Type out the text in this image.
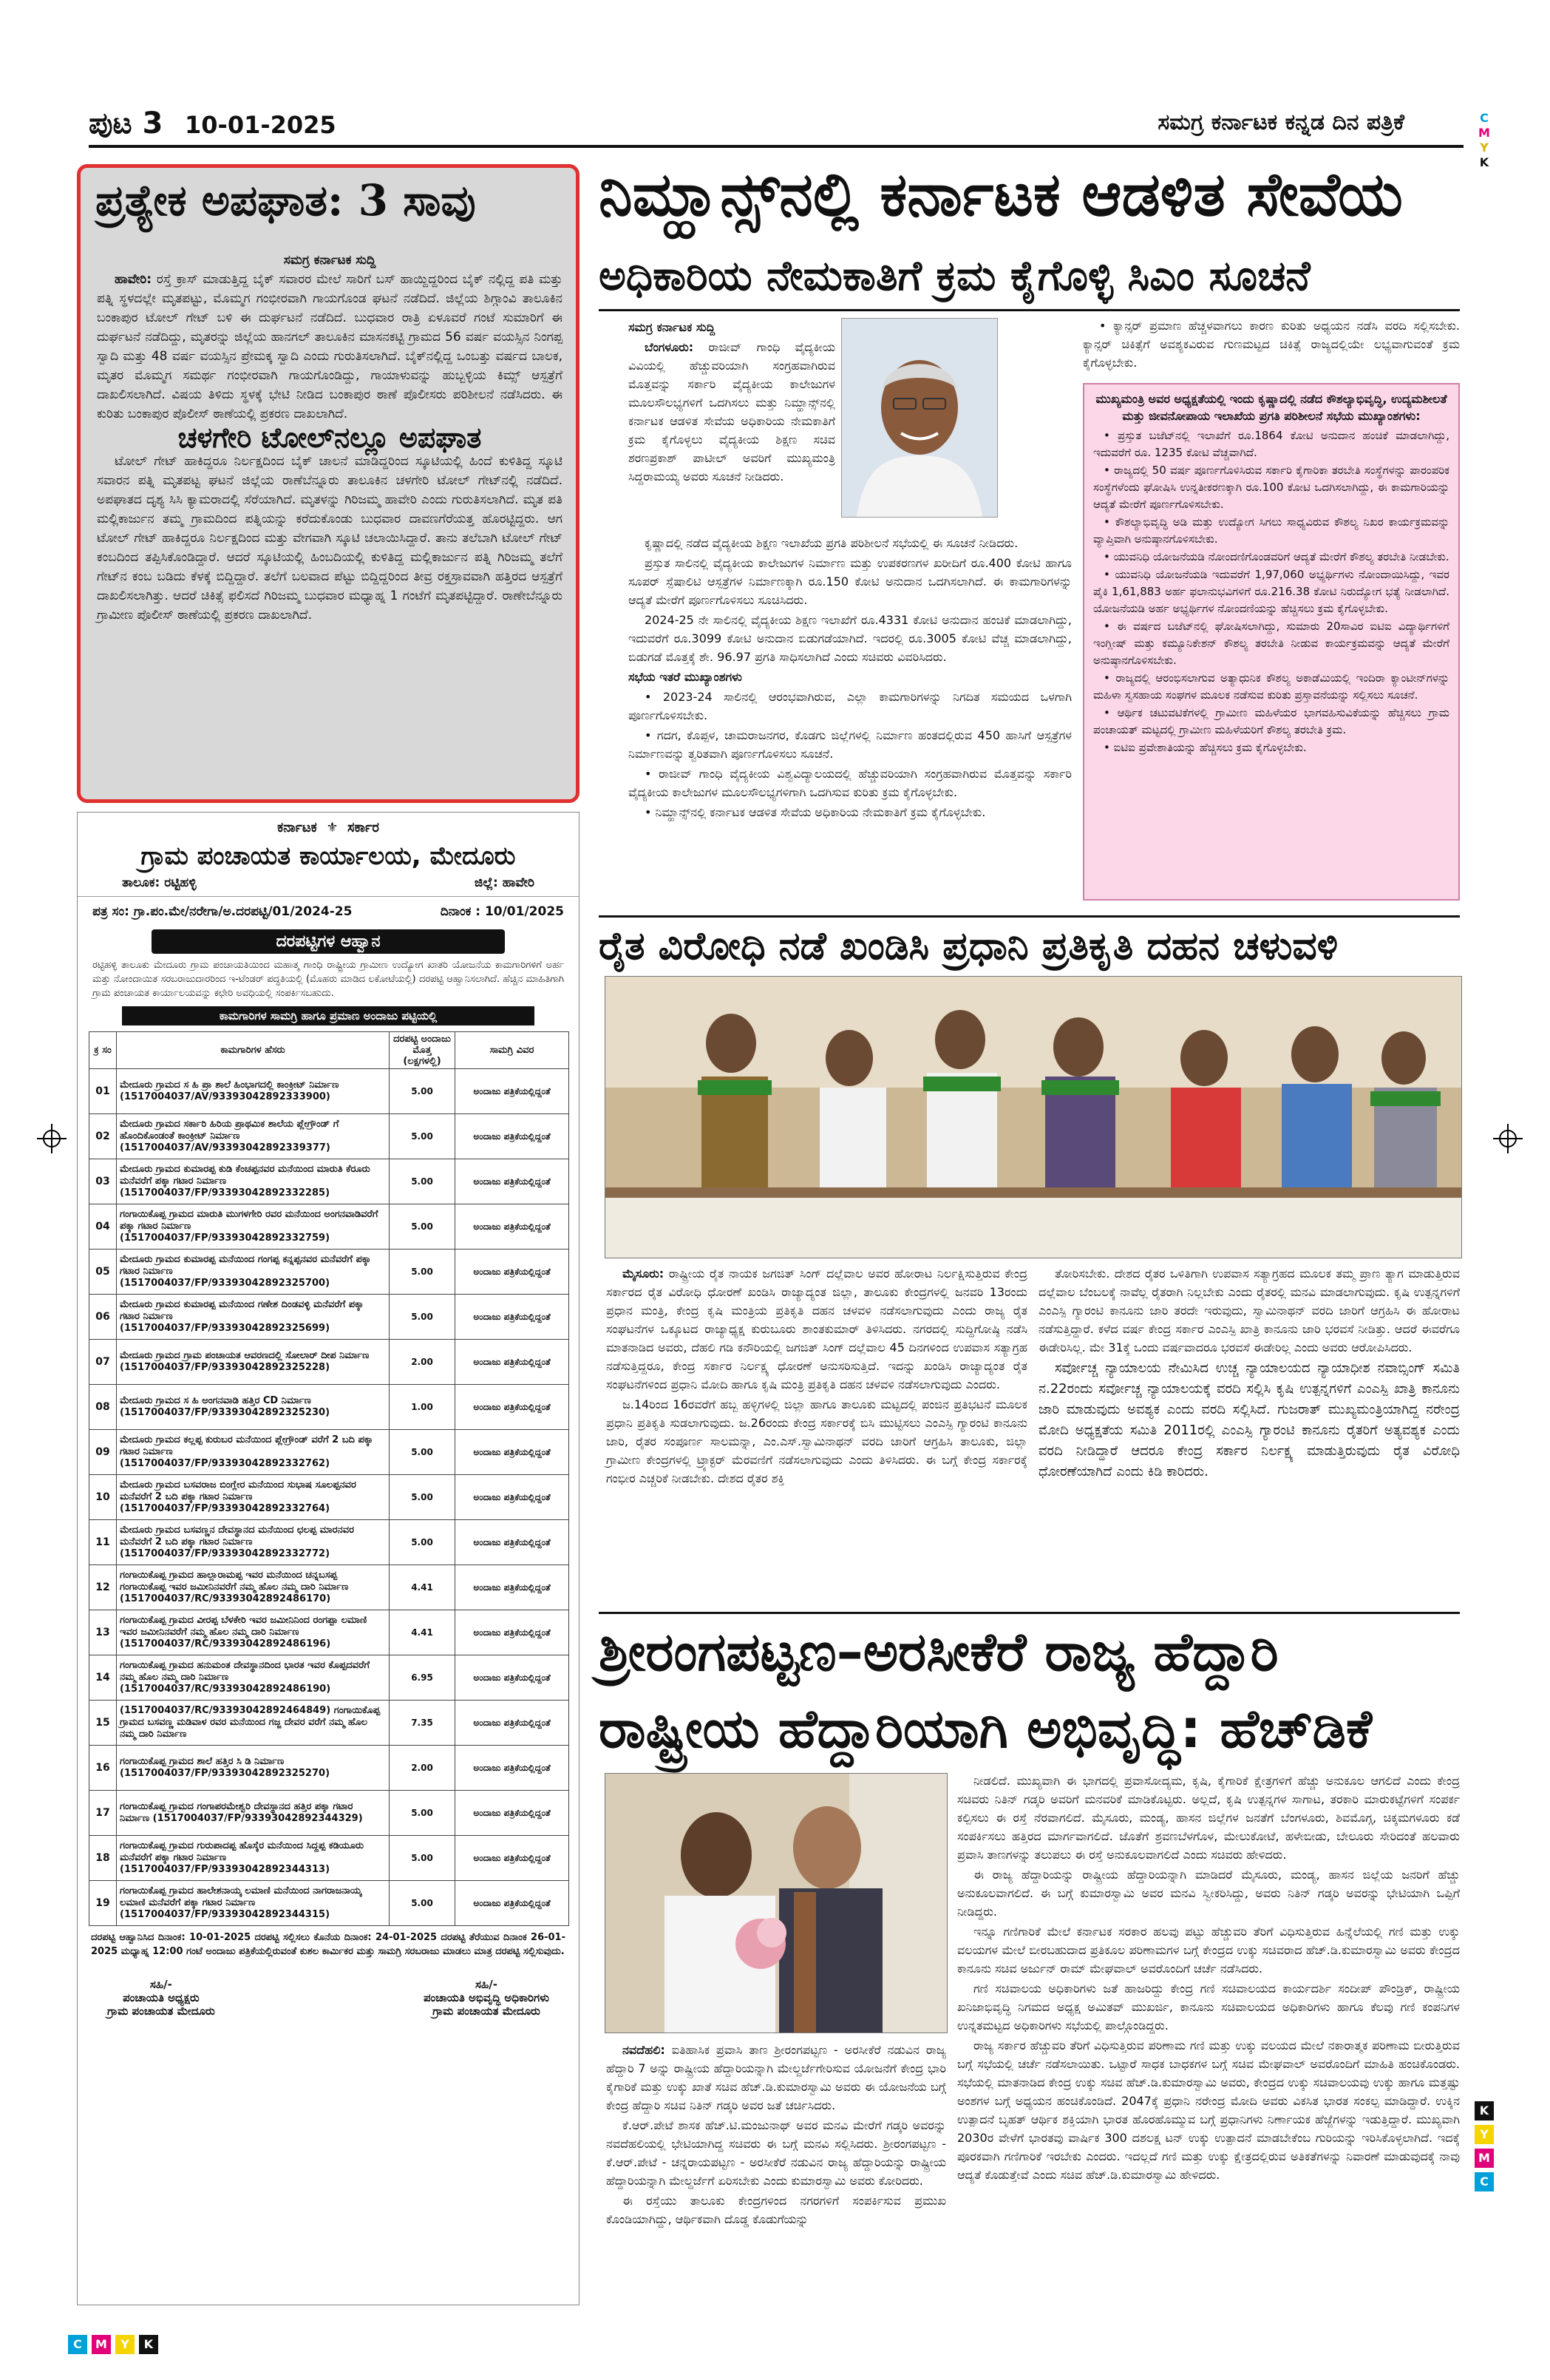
ಪುಟ 3 10-01-2025	ಸಮಗ್ರ ಕರ್ನಾಟಕ ಕನ್ನಡ ದಿನ ಪತ್ರಿಕೆ	C
M
Y
K
C	M	Y	K
K
Y
M
C
ಪ್ರತ್ಯೇಕ ಅಪಘಾತ: 3 ಸಾವು
ಸಮಗ್ರ ಕರ್ನಾಟಕ ಸುದ್ದಿ

ಹಾವೇರಿ: ರಸ್ತೆ ಕ್ರಾಸ್ ಮಾಡುತ್ತಿದ್ದ ಬೈಕ್ ಸವಾರರ ಮೇಲೆ ಸಾರಿಗೆ ಬಸ್ ಹಾಯ್ದಿದ್ದರಿಂದ ಬೈಕ್ ನಲ್ಲಿದ್ದ ಪತಿ ಮತ್ತು ಪತ್ನಿ ಸ್ಥಳದಲ್ಲೇ ಮೃತಪಟ್ಟು, ಮೊಮ್ಮಗ ಗಂಭೀರವಾಗಿ ಗಾಯಗೊಂಡ ಘಟನೆ ನಡೆದಿದೆ. ಜಿಲ್ಲೆಯ ಶಿಗ್ಗಾಂವಿ ತಾಲೂಕಿನ ಬಂಕಾಪುರ ಟೋಲ್ ಗೇಟ್ ಬಳಿ ಈ ದುರ್ಘಟನೆ ನಡೆದಿದೆ. ಬುಧವಾರ ರಾತ್ರಿ ಏಳೂವರೆ ಗಂಟೆ ಸುಮಾರಿಗೆ ಈ ದುರ್ಘಟನೆ ನಡೆದಿದ್ದು, ಮೃತರನ್ನು ಜಿಲ್ಲೆಯ ಹಾನಗಲ್ ತಾಲೂಕಿನ ಮಾಸನಕಟ್ಟಿ ಗ್ರಾಮದ 56 ವರ್ಷ ವಯಸ್ಸಿನ ನಿಂಗಪ್ಪ ಸ್ವಾದಿ ಮತ್ತು 48 ವರ್ಷ ವಯಸ್ಸಿನ ಪ್ರೇಮಕ್ಕ ಸ್ವಾದಿ ಎಂದು ಗುರುತಿಸಲಾಗಿದೆ. ಬೈಕ್‌ನಲ್ಲಿದ್ದ ಒಂಬತ್ತು ವರ್ಷದ ಬಾಲಕ, ಮೃತರ ಮೊಮ್ಮಗ ಸಮರ್ಥ ಗಂಭೀರವಾಗಿ ಗಾಯಗೊಂಡಿದ್ದು, ಗಾಯಾಳುವನ್ನು ಹುಬ್ಬಳ್ಳಿಯ ಕಿಮ್ಸ್ ಆಸ್ಪತ್ರೆಗೆ ದಾಖಲಿಸಲಾಗಿದೆ. ವಿಷಯ ತಿಳಿದು ಸ್ಥಳಕ್ಕೆ ಭೇಟಿ ನೀಡಿದ ಬಂಕಾಪುರ ಠಾಣೆ ಪೊಲೀಸರು ಪರಿಶೀಲನೆ ನಡೆಸಿದರು. ಈ ಕುರಿತು ಬಂಕಾಪುರ ಪೊಲೀಸ್ ಠಾಣೆಯಲ್ಲಿ ಪ್ರಕರಣ ದಾಖಲಾಗಿದೆ.

ಚಳಗೇರಿ ಟೋಲ್‌ನಲ್ಲೂ ಅಪಘಾತ

ಟೋಲ್ ಗೇಟ್ ಹಾಕಿದ್ದರೂ ನಿರ್ಲಕ್ಷದಿಂದ ಬೈಕ್ ಚಾಲನೆ ಮಾಡಿದ್ದರಿಂದ ಸ್ಕೂಟಿಯಲ್ಲಿ ಹಿಂದೆ ಕುಳಿತಿದ್ದ ಸ್ಕೂಟಿ ಸವಾರನ ಪತ್ನಿ ಮೃತಪಟ್ಟ ಘಟನೆ ಜಿಲ್ಲೆಯ ರಾಣೆಬೆನ್ನೂರು ತಾಲೂಕಿನ ಚಳಗೇರಿ ಟೋಲ್ ಗೇಟ್‌ನಲ್ಲಿ ನಡೆದಿದೆ. ಅಪಘಾತದ ದೃಶ್ಯ ಸಿಸಿ ಕ್ಯಾಮರಾದಲ್ಲಿ ಸೆರೆಯಾಗಿದೆ. ಮೃತಳನ್ನು ಗಿರಿಜಮ್ಮ ಹಾವೇರಿ ಎಂದು ಗುರುತಿಸಲಾಗಿದೆ. ಮೃತ ಪತಿ ಮಲ್ಲಿಕಾರ್ಜುನ ತಮ್ಮ ಗ್ರಾಮದಿಂದ ಪತ್ನಿಯನ್ನು ಕರೆದುಕೊಂಡು ಬುಧವಾರ ದಾವಣಗೆರೆಯತ್ತ ಹೊರಟ್ಟಿದ್ದರು. ಆಗ ಟೋಲ್ ಗೇಟ್ ಹಾಕಿದ್ದರೂ ನಿರ್ಲಕ್ಷದಿಂದ ಮತ್ತು ವೇಗವಾಗಿ ಸ್ಕೂಟಿ ಚಲಾಯಿಸಿದ್ದಾರೆ. ತಾನು ತಲೆಬಾಗಿ ಟೋಲ್ ಗೇಟ್ ಕಂಬದಿಂದ ತಪ್ಪಿಸಿಕೊಂಡಿದ್ದಾರೆ. ಆದರೆ ಸ್ಕೂಟಿಯಲ್ಲಿ ಹಿಂಬದಿಯಲ್ಲಿ ಕುಳಿತಿದ್ದ ಮಲ್ಲಿಕಾರ್ಜುನ ಪತ್ನಿ ಗಿರಿಜಮ್ಮ ತಲೆಗೆ ಗೇಟ್‌ನ ಕಂಬ ಬಡಿದು ಕೆಳಕ್ಕೆ ಬಿದ್ದಿದ್ದಾರೆ. ತಲೆಗೆ ಬಲವಾದ ಪೆಟ್ಟು ಬಿದ್ದಿದ್ದರಿಂದ ತೀವ್ರ ರಕ್ತಸ್ರಾವವಾಗಿ ಹತ್ತಿರದ ಆಸ್ಪತ್ರೆಗೆ ದಾಖಲಿಸಲಾಗಿತ್ತು. ಆದರೆ ಚಿಕಿತ್ಸೆ ಫಲಿಸದೆ ಗಿರಿಜಮ್ಮ ಬುಧವಾರ ಮಧ್ಯಾಹ್ನ 1 ಗಂಟೆಗೆ ಮೃತಪಟ್ಟಿದ್ದಾರೆ. ರಾಣೇಬೆನ್ನೂರು ಗ್ರಾಮೀಣ ಪೊಲೀಸ್ ಠಾಣೆಯಲ್ಲಿ ಪ್ರಕರಣ ದಾಖಲಾಗಿದೆ.

ಕರ್ನಾಟಕ ⚜ ಸರ್ಕಾರ
ಗ್ರಾಮ ಪಂಚಾಯತ ಕಾರ್ಯಾಲಯ, ಮೇದೂರು
ತಾಲೂಕ: ರಟ್ಟಿಹಳ್ಳಿ	ಜಿಲ್ಲೆ: ಹಾವೇರಿ
ಪತ್ರ ಸಂ: ಗ್ರಾ.ಪಂ.ಮೇ/ನರೇಗಾ/ಅ.ದರಪಟ್ಟಿ/01/2024-25	ದಿನಾಂಕ : 10/01/2025
ದರಪಟ್ಟಿಗಳ ಆಹ್ವಾನ
ರಟ್ಟಿಹಳ್ಳಿ ತಾಲೂಕು ಮೇದೂರು ಗ್ರಾಮ ಪಂಚಾಯತಿಯಿಂದ ಮಹಾತ್ಮ ಗಾಂಧಿ ರಾಷ್ಟ್ರೀಯ ಗ್ರಾಮೀಣ ಉದ್ಯೋಗ ಖಾತರಿ ಯೋಜನೆಯ ಕಾಮಗಾರಿಗಳಿಗೆ ಅರ್ಹ ಮತ್ತು ನೋಂದಾಯಿತ ಸರಬರಾಜುದಾರರಿಂದ ಇ-ಟೆಂಡರ್ ಪದ್ಧತಿಯಲ್ಲಿ (ಮೊಹರು ಮಾಡಿದ ಲಕೋಟೆಯಲ್ಲಿ) ದರಪಟ್ಟಿ ಆಹ್ವಾನಿಸಲಾಗಿದೆ. ಹೆಚ್ಚಿನ ಮಾಹಿತಿಗಾಗಿ ಗ್ರಾಮ ಪಂಚಾಯತ ಕಾರ್ಯಾಲಯವನ್ನು ಕಛೇರಿ ಅವಧಿಯಲ್ಲಿ ಸಂಪರ್ಕಿಸಬಹುದು.
ಕಾಮಗಾರಿಗಳ ಸಾಮಗ್ರಿ ಹಾಗೂ ಪ್ರಮಾಣ ಅಂದಾಜು ಪಟ್ಟಿಯಲ್ಲಿ
ಕ್ರ ಸಂ	ಕಾಮಗಾರಿಗಳ ಹೆಸರು	ದರಪಟ್ಟಿ ಅಂದಾಜು ಮೊತ್ತ (ಲಕ್ಷಗಳಲ್ಲಿ)	ಸಾಮಗ್ರಿ ವಿವರ
01	ಮೇದೂರು ಗ್ರಾಮದ ಸ ಹಿ ಪ್ರಾ ಶಾಲೆ ಹಿಂಭಾಗದಲ್ಲಿ ಕಾಂಕ್ರೀಟ್ ನಿರ್ಮಾಣ (1517004037/AV/93393042892333900)	5.00	ಅಂದಾಜು ಪತ್ರಿಕೆಯಲ್ಲಿದ್ದಂತೆ
02	ಮೇದೂರು ಗ್ರಾಮದ ಸರ್ಕಾರಿ ಹಿರಿಯ ಪ್ರಾಥಮಿಕ ಶಾಲೆಯ ಪ್ಲೇಗ್ರೌಂಡ್ ಗೆ ಹೊಂದಿಕೊಂಡಂತೆ ಕಾಂಕ್ರೀಟ್ ನಿರ್ಮಾಣ (1517004037/AV/93393042892339377)	5.00	ಅಂದಾಜು ಪತ್ರಿಕೆಯಲ್ಲಿದ್ದಂತೆ
03	ಮೇದೂರು ಗ್ರಾಮದ ಕುಮಾರಪ್ಪ ಕುಡಿ ಕೆಂಚಪ್ಪನವರ ಮನೆಯಿಂದ ಮಾರುತಿ ಕೆರೂರು ಮನೆವರೆಗೆ ಪಕ್ಕಾ ಗಟಾರ ನಿರ್ಮಾಣ (1517004037/FP/93393042892332285)	5.00	ಅಂದಾಜು ಪತ್ರಿಕೆಯಲ್ಲಿದ್ದಂತೆ
04	ಗಂಗಾಯಿಕೊಪ್ಪ ಗ್ರಾಮದ ಮಾರುತಿ ಮುಗಳಗೇರಿ ರವರ ಮನೆಯಿಂದ ಅಂಗನವಾಡಿವರೆಗೆ ಪಕ್ಕಾ ಗಟಾರ ನಿರ್ಮಾಣ (1517004037/FP/93393042892332759)	5.00	ಅಂದಾಜು ಪತ್ರಿಕೆಯಲ್ಲಿದ್ದಂತೆ
05	ಮೇದೂರು ಗ್ರಾಮದ ಕುಮಾರಪ್ಪ ಮನೆಯಿಂದ ಗಂಗಪ್ಪ ಕನ್ನಪ್ಪನವರ ಮನೆವರೆಗೆ ಪಕ್ಕಾ ಗಟಾರ ನಿರ್ಮಾಣ (1517004037/FP/93393042892325700)	5.00	ಅಂದಾಜು ಪತ್ರಿಕೆಯಲ್ಲಿದ್ದಂತೆ
06	ಮೇದೂರು ಗ್ರಾಮದ ಕುಮಾರಪ್ಪ ಮನೆಯಿಂದ ಗಣೇಶ ದಿಂಡವಳ್ಳಿ ಮನೆವರೆಗೆ ಪಕ್ಕಾ ಗಟಾರ ನಿರ್ಮಾಣ (1517004037/FP/93393042892325699)	5.00	ಅಂದಾಜು ಪತ್ರಿಕೆಯಲ್ಲಿದ್ದಂತೆ
07	ಮೇದೂರು ಗ್ರಾಮದ ಗ್ರಾಮ ಪಂಚಾಯತ ಆವರಣದಲ್ಲಿ ಸೋಲಾರ್ ದೀಪ ನಿರ್ಮಾಣ (1517004037/FP/93393042892325228)	2.00	ಅಂದಾಜು ಪತ್ರಿಕೆಯಲ್ಲಿದ್ದಂತೆ
08	ಮೇದೂರು ಗ್ರಾಮದ ಸ ಹಿ ಅಂಗನವಾಡಿ ಹತ್ತಿರ CD ನಿರ್ಮಾಣ (1517004037/FP/93393042892325230)	1.00	ಅಂದಾಜು ಪತ್ರಿಕೆಯಲ್ಲಿದ್ದಂತೆ
09	ಮೇದೂರು ಗ್ರಾಮದ ಕಲ್ಲಪ್ಪ ಕುರುಬರ ಮನೆಯಿಂದ ಪ್ಲೇಗ್ರೌಂಡ್ ವರೆಗೆ 2 ಬದಿ ಪಕ್ಕಾ ಗಟಾರ ನಿರ್ಮಾಣ (1517004037/FP/93393042892332762)	5.00	ಅಂದಾಜು ಪತ್ರಿಕೆಯಲ್ಲಿದ್ದಂತೆ
10	ಮೇದೂರು ಗ್ರಾಮದ ಬಸವರಾಜ ಬಿಂಗ್ಲೇರ ಮನೆಯಿಂದ ಸುಭಾಷ ಸೂಲಪ್ಪನವರ ಮನೆವರೆಗೆ 2 ಬದಿ ಪಕ್ಕಾ ಗಟಾರ ನಿರ್ಮಾಣ (1517004037/FP/93393042892332764)	5.00	ಅಂದಾಜು ಪತ್ರಿಕೆಯಲ್ಲಿದ್ದಂತೆ
11	ಮೇದೂರು ಗ್ರಾಮದ ಬಸವಣ್ಣನ ದೇವಸ್ಥಾನದ ಮನೆಯಿಂದ ಛಲಪ್ಪ ಮಾರನವರ ಮನೆವರೆಗೆ 2 ಬದಿ ಪಕ್ಕಾ ಗಟಾರ ನಿರ್ಮಾಣ (1517004037/FP/93393042892332772)	5.00	ಅಂದಾಜು ಪತ್ರಿಕೆಯಲ್ಲಿದ್ದಂತೆ
12	ಗಂಗಾಯಿಕೊಪ್ಪ ಗ್ರಾಮದ ಹಾಲ್ಲಾರಾಮಪ್ಪ ಇವರ ಮನೆಯಿಂದ ಚನ್ನಬಸಪ್ಪ ಗಂಗಾಯಿಕೊಪ್ಪ ಇವರ ಜಮೀನಿನವರೆಗೆ ನಮ್ಮ ಹೊಲ ನಮ್ಮ ದಾರಿ ನಿರ್ಮಾಣ (1517004037/RC/93393042892486170)	4.41	ಅಂದಾಜು ಪತ್ರಿಕೆಯಲ್ಲಿದ್ದಂತೆ
13	ಗಂಗಾಯಿಕೊಪ್ಪ ಗ್ರಾಮದ ವೀರಪ್ಪ ಬೆಳಕೇರಿ ಇವರ ಜಮೀನಿನಿಂದ ರಂಗಪ್ಪಾ ಲಮಾಣಿ ಇವರ ಜಮೀನಿನವರೆಗೆ ನಮ್ಮ ಹೊಲ ನಮ್ಮ ದಾರಿ ನಿರ್ಮಾಣ (1517004037/RC/93393042892486196)	4.41	ಅಂದಾಜು ಪತ್ರಿಕೆಯಲ್ಲಿದ್ದಂತೆ
14	ಗಂಗಾಯಿಕೊಪ್ಪ ಗ್ರಾಮದ ಹನುಮಂತ ದೇವಸ್ಥಾನದಿಂದ ಭಾರತ ಇವರ ಕೊಪ್ಪದವರೆಗೆ ನಮ್ಮ ಹೊಲ ನಮ್ಮ ದಾರಿ ನಿರ್ಮಾಣ (1517004037/RC/93393042892486190)	6.95	ಅಂದಾಜು ಪತ್ರಿಕೆಯಲ್ಲಿದ್ದಂತೆ
15	(1517004037/RC/93393042892464849) ಗಂಗಾಯಿಕೊಪ್ಪ ಗ್ರಾಮದ ಬಸವಣ್ಣ ಮಡಿವಾಳ ರವರ ಮನೆಯಿಂದ ಗಜ್ಜ ದೇವರ ವರೆಗೆ ನಮ್ಮ ಹೊಲ ನಮ್ಮ ದಾರಿ ನಿರ್ಮಾಣ	7.35	ಅಂದಾಜು ಪತ್ರಿಕೆಯಲ್ಲಿದ್ದಂತೆ
16	ಗಂಗಾಯಿಕೊಪ್ಪ ಗ್ರಾಮದ ಶಾಲೆ ಹತ್ತಿರ ಸಿ ಡಿ ನಿರ್ಮಾಣ (1517004037/FP/93393042892325270)	2.00	ಅಂದಾಜು ಪತ್ರಿಕೆಯಲ್ಲಿದ್ದಂತೆ
17	ಗಂಗಾಯಿಕೊಪ್ಪ ಗ್ರಾಮದ ಗಂಗಾಪರಮೇಶ್ವರಿ ದೇವಸ್ಥಾನದ ಹತ್ತಿರ ಪಕ್ಕಾ ಗಟಾರ ನಿರ್ಮಾಣ (1517004037/FP/93393042892344329)	5.00	ಅಂದಾಜು ಪತ್ರಿಕೆಯಲ್ಲಿದ್ದಂತೆ
18	ಗಂಗಾಯಿಕೊಪ್ಪ ಗ್ರಾಮದ ಗುರುಪಾದಪ್ಪ ಹೊಸ್ಕೆರ ಮನೆಯಿಂದ ಸಿದ್ದಪ್ಪ ಕಡಿಯೂರು ಮನೆವರೆಗೆ ಪಕ್ಕಾ ಗಟಾರ ನಿರ್ಮಾಣ (1517004037/FP/93393042892344313)	5.00	ಅಂದಾಜು ಪತ್ರಿಕೆಯಲ್ಲಿದ್ದಂತೆ
19	ಗಂಗಾಯಿಕೊಪ್ಪ ಗ್ರಾಮದ ಹಾಲೇಶನಾಯ್ಕ ಲಮಾಣಿ ಮನೆಯಿಂದ ನಾಗರಾಜನಾಯ್ಕ ಲಮಾಣಿ ಮನೆವರೆಗೆ ಪಕ್ಕಾ ಗಟಾರ ನಿರ್ಮಾಣ (1517004037/FP/93393042892344315)	5.00	ಅಂದಾಜು ಪತ್ರಿಕೆಯಲ್ಲಿದ್ದಂತೆ
ದರಪಟ್ಟಿ ಆಹ್ವಾನಿಸಿದ ದಿನಾಂಕ: 10-01-2025 ದರಪಟ್ಟಿ ಸಲ್ಲಿಸಲು ಕೊನೆಯ ದಿನಾಂಕ: 24-01-2025 ದರಪಟ್ಟಿ ತೆರೆಯುವ ದಿನಾಂಕ 26-01-2025 ಮಧ್ಯಾಹ್ನ 12:00 ಗಂಟೆ ಅಂದಾಜು ಪತ್ರಿಕೆಯಲ್ಲಿರುವಂತೆ ಕುಶಲ ಕಾರ್ಮಿಕರ ಮತ್ತು ಸಾಮಗ್ರಿ ಸರಬರಾಜು ಮಾಡಲು ಮಾತ್ರ ದರಪಟ್ಟಿ ಸಲ್ಲಿಸುವುದು.
ಸಹಿ/-
ಪಂಚಾಯತಿ ಅಧ್ಯಕ್ಷರು
ಗ್ರಾಮ ಪಂಚಾಯತ ಮೇದೂರು
ಸಹಿ/-
ಪಂಚಾಯತಿ ಅಭಿವೃದ್ಧಿ ಅಧಿಕಾರಿಗಳು
ಗ್ರಾಮ ಪಂಚಾಯತ ಮೇದೂರು
ನಿಮ್ಹಾನ್ಸ್‌ನಲ್ಲಿ ಕರ್ನಾಟಕ ಆಡಳಿತ ಸೇವೆಯ
ಅಧಿಕಾರಿಯ ನೇಮಕಾತಿಗೆ ಕ್ರಮ ಕೈಗೊಳ್ಳಿ ಸಿಎಂ ಸೂಚನೆ
ಸಮಗ್ರ ಕರ್ನಾಟಕ ಸುದ್ದಿ

ಬೆಂಗಳೂರು: ರಾಜೀವ್ ಗಾಂಧಿ ವೈದ್ಯಕೀಯ ವಿವಿಯಲ್ಲಿ ಹೆಚ್ಚುವರಿಯಾಗಿ ಸಂಗ್ರಹವಾಗಿರುವ ಮೊತ್ತವನ್ನು ಸರ್ಕಾರಿ ವೈದ್ಯಕೀಯ ಕಾಲೇಜುಗಳ ಮೂಲಸೌಲಭ್ಯಗಳಿಗೆ ಒದಗಿಸಲು ಮತ್ತು ನಿಮ್ಹಾನ್ಸ್‌ನಲ್ಲಿ ಕರ್ನಾಟಕ ಆಡಳಿತ ಸೇವೆಯ ಅಧಿಕಾರಿಯ ನೇಮಕಾತಿಗೆ ಕ್ರಮ ಕೈಗೊಳ್ಳಲು ವೈದ್ಯಕೀಯ ಶಿಕ್ಷಣ ಸಚಿವ ಶರಣಪ್ರಕಾಶ್ ಪಾಟೀಲ್ ಅವರಿಗೆ ಮುಖ್ಯಮಂತ್ರಿ ಸಿದ್ದರಾಮಯ್ಯ ಅವರು ಸೂಚನೆ ನೀಡಿದರು.

ಕೃಷ್ಣಾದಲ್ಲಿ ನಡೆದ ವೈದ್ಯಕೀಯ ಶಿಕ್ಷಣ ಇಲಾಖೆಯ ಪ್ರಗತಿ ಪರಿಶೀಲನೆ ಸಭೆಯಲ್ಲಿ ಈ ಸೂಚನೆ ನೀಡಿದರು.

ಪ್ರಸ್ತುತ ಸಾಲಿನಲ್ಲಿ ವೈದ್ಯಕೀಯ ಕಾಲೇಜುಗಳ ನಿರ್ಮಾಣ ಮತ್ತು ಉಪಕರಣಗಳ ಖರೀದಿಗೆ ರೂ.400 ಕೋಟಿ ಹಾಗೂ ಸೂಪರ್ ಸ್ಪೆಷಾಲಿಟಿ ಆಸ್ಪತ್ರೆಗಳ ನಿರ್ಮಾಣಕ್ಕಾಗಿ ರೂ.150 ಕೋಟಿ ಅನುದಾನ ಒದಗಿಸಲಾಗಿದೆ. ಈ ಕಾಮಗಾರಿಗಳನ್ನು ಆದ್ಯತೆ ಮೇರೆಗೆ ಪೂರ್ಣಗೊಳಿಸಲು ಸೂಚಿಸಿದರು.

2024-25 ನೇ ಸಾಲಿನಲ್ಲಿ ವೈದ್ಯಕೀಯ ಶಿಕ್ಷಣ ಇಲಾಖೆಗೆ ರೂ.4331 ಕೋಟಿ ಅನುದಾನ ಹಂಚಿಕೆ ಮಾಡಲಾಗಿದ್ದು, ಇದುವರೆಗೆ ರೂ.3099 ಕೋಟಿ ಅನುದಾನ ಬಿಡುಗಡೆಯಾಗಿದೆ. ಇದರಲ್ಲಿ ರೂ.3005 ಕೋಟಿ ವೆಚ್ಚ ಮಾಡಲಾಗಿದ್ದು, ಬಿಡುಗಡೆ ಮೊತ್ತಕ್ಕೆ ಶೇ. 96.97 ಪ್ರಗತಿ ಸಾಧಿಸಲಾಗಿದೆ ಎಂದು ಸಚಿವರು ವಿವರಿಸಿದರು.

ಸಭೆಯ ಇತರೆ ಮುಖ್ಯಾಂಶಗಳು

• 2023-24 ಸಾಲಿನಲ್ಲಿ ಆರಂಭವಾಗಿರುವ, ಎಲ್ಲಾ ಕಾಮಗಾರಿಗಳನ್ನು ನಿಗದಿತ ಸಮಯದ ಒಳಗಾಗಿ ಪೂರ್ಣಗೊಳಿಸಬೇಕು.

• ಗದಗ, ಕೊಪ್ಪಳ, ಚಾಮರಾಜನಗರ, ಕೊಡಗು ಜಿಲ್ಲೆಗಳಲ್ಲಿ ನಿರ್ಮಾಣ ಹಂತದಲ್ಲಿರುವ 450 ಹಾಸಿಗೆ ಆಸ್ಪತ್ರೆಗಳ ನಿರ್ಮಾಣವನ್ನು ತ್ವರಿತವಾಗಿ ಪೂರ್ಣಗೊಳಿಸಲು ಸೂಚನೆ.

• ರಾಜೀವ್ ಗಾಂಧಿ ವೈದ್ಯಕೀಯ ವಿಶ್ವವಿದ್ಯಾಲಯದಲ್ಲಿ ಹೆಚ್ಚುವರಿಯಾಗಿ ಸಂಗ್ರಹವಾಗಿರುವ ಮೊತ್ತವನ್ನು ಸರ್ಕಾರಿ ವೈದ್ಯಕೀಯ ಕಾಲೇಜುಗಳ ಮೂಲಸೌಲಭ್ಯಗಳಿಗಾಗಿ ಒದಗಿಸುವ ಕುರಿತು ಕ್ರಮ ಕೈಗೊಳ್ಳಬೇಕು.

• ನಿಮ್ಹಾನ್ಸ್‌ನಲ್ಲಿ ಕರ್ನಾಟಕ ಆಡಳಿತ ಸೇವೆಯ ಅಧಿಕಾರಿಯ ನೇಮಕಾತಿಗೆ ಕ್ರಮ ಕೈಗೊಳ್ಳಬೇಕು.

• ಕ್ಯಾನ್ಸರ್ ಪ್ರಮಾಣ ಹೆಚ್ಚಳವಾಗಲು ಕಾರಣ ಕುರಿತು ಅಧ್ಯಯನ ನಡೆಸಿ ವರದಿ ಸಲ್ಲಿಸಬೇಕು. ಕ್ಯಾನ್ಸರ್ ಚಿಕಿತ್ಸೆಗೆ ಅವಶ್ಯಕವಿರುವ ಗುಣಮಟ್ಟದ ಚಿಕಿತ್ಸೆ ರಾಜ್ಯದಲ್ಲಿಯೇ ಲಭ್ಯವಾಗುವಂತೆ ಕ್ರಮ ಕೈಗೊಳ್ಳಬೇಕು.

ಮುಖ್ಯಮಂತ್ರಿ ಅವರ ಅಧ್ಯಕ್ಷತೆಯಲ್ಲಿ ಇಂದು ಕೃಷ್ಣಾದಲ್ಲಿ ನಡೆದ ಕೌಶಲ್ಯಾಭಿವೃದ್ಧಿ, ಉದ್ಯಮಶೀಲತೆ ಮತ್ತು ಜೀವನೋಪಾಯ ಇಲಾಖೆಯ ಪ್ರಗತಿ ಪರಿಶೀಲನೆ ಸಭೆಯ ಮುಖ್ಯಾಂಶಗಳು:
• ಪ್ರಸ್ತುತ ಬಜೆಟ್‌ನಲ್ಲಿ ಇಲಾಖೆಗೆ ರೂ.1864 ಕೋಟಿ ಅನುದಾನ ಹಂಚಿಕೆ ಮಾಡಲಾಗಿದ್ದು, ಇದುವರೆಗೆ ರೂ. 1235 ಕೋಟಿ ವೆಚ್ಚವಾಗಿದೆ.
• ರಾಜ್ಯದಲ್ಲಿ 50 ವರ್ಷ ಪೂರ್ಣಗೊಳಿಸಿರುವ ಸರ್ಕಾರಿ ಕೈಗಾರಿಕಾ ತರಬೇತಿ ಸಂಸ್ಥೆಗಳನ್ನು ಪಾರಂಪರಿಕ ಸಂಸ್ಥೆಗಳೆಂದು ಘೋಷಿಸಿ ಉನ್ನತೀಕರಣಕ್ಕಾಗಿ ರೂ.100 ಕೋಟಿ ಒದಗಿಸಲಾಗಿದ್ದು, ಈ ಕಾಮಗಾರಿಯನ್ನು ಆದ್ಯತೆ ಮೇರೆಗೆ ಪೂರ್ಣಗೊಳಿಸಬೇಕು.
• ಕೌಶಲ್ಯಾಭಿವೃದ್ಧಿ ಅಡಿ ಮತ್ತು ಉದ್ಯೋಗ ಸಿಗಲು ಸಾಧ್ಯವಿರುವ ಕೌಶಲ್ಯ ನಿಖರ ಕಾರ್ಯಕ್ರಮವನ್ನು ವ್ಯಾಪ್ತಿವಾಗಿ ಅನುಷ್ಠಾನಗೊಳಿಸಬೇಕು.
• ಯುವನಿಧಿ ಯೋಜನೆಯಡಿ ನೋಂದಣಿಗೊಂಡವರಿಗೆ ಆದ್ಯತೆ ಮೇರೆಗೆ ಕೌಶಲ್ಯ ತರಬೇತಿ ನೀಡಬೇಕು.
• ಯುವನಿಧಿ ಯೋಜನೆಯಡಿ ಇದುವರೆಗೆ 1,97,060 ಅಭ್ಯರ್ಥಿಗಳು ನೋಂದಾಯಿಸಿದ್ದು, ಇವರ ಪೈಕಿ 1,61,883 ಅರ್ಹ ಫಲಾನುಭವಿಗಳಿಗೆ ರೂ.216.38 ಕೋಟಿ ನಿರುದ್ಯೋಗ ಭತ್ಯೆ ನೀಡಲಾಗಿದೆ. ಯೋಜನೆಯಡಿ ಅರ್ಹ ಅಭ್ಯರ್ಥಿಗಳ ನೋಂದಣಿಯನ್ನು ಹೆಚ್ಚಿಸಲು ಕ್ರಮ ಕೈಗೊಳ್ಳಬೇಕು.
• ಈ ವರ್ಷದ ಬಜೆಟ್‌ನಲ್ಲಿ ಘೋಷಿಸಲಾಗಿದ್ದು, ಸುಮಾರು 20ಸಾವಿರ ಐಟಿಐ ವಿದ್ಯಾರ್ಥಿಗಳಿಗೆ ಇಂಗ್ಲೀಷ್ ಮತ್ತು ಕಮ್ಯೂನಿಕೇಶನ್ ಕೌಶಲ್ಯ ತರಬೇತಿ ನೀಡುವ ಕಾರ್ಯಕ್ರಮವನ್ನು ಆದ್ಯತೆ ಮೇರೆಗೆ ಅನುಷ್ಠಾನಗೊಳಿಸಬೇಕು.
• ರಾಜ್ಯದಲ್ಲಿ ಆರಂಭಿಸಲಾಗುವ ಅತ್ಯಾಧುನಿಕ ಕೌಶಲ್ಯ ಅಕಾಡೆಮಿಯಲ್ಲಿ ಇಂದಿರಾ ಕ್ಯಾಂಟೀನ್‌ಗಳನ್ನು ಮಹಿಳಾ ಸ್ವಸಹಾಯ ಸಂಘಗಳ ಮೂಲಕ ನಡೆಸುವ ಕುರಿತು ಪ್ರಸ್ತಾವನೆಯನ್ನು ಸಲ್ಲಿಸಲು ಸೂಚನೆ.
• ಆರ್ಥಿಕ ಚಟುವಟಿಕೆಗಳಲ್ಲಿ ಗ್ರಾಮೀಣ ಮಹಿಳೆಯರ ಭಾಗವಹಿಸುವಿಕೆಯನ್ನು ಹೆಚ್ಚಿಸಲು ಗ್ರಾಮ ಪಂಚಾಯತ್ ಮಟ್ಟದಲ್ಲಿ ಗ್ರಾಮೀಣ ಮಹಿಳೆಯರಿಗೆ ಕೌಶಲ್ಯ ತರಬೇತಿ ಕ್ರಮ.
• ಐಟಿಐ ಪ್ರವೇಶಾತಿಯನ್ನು ಹೆಚ್ಚಿಸಲು ಕ್ರಮ ಕೈಗೊಳ್ಳಬೇಕು.
ರೈತ ವಿರೋಧಿ ನಡೆ ಖಂಡಿಸಿ ಪ್ರಧಾನಿ ಪ್ರತಿಕೃತಿ ದಹನ ಚಳುವಳಿ

ಮೈಸೂರು: ರಾಷ್ಟ್ರೀಯ ರೈತ ನಾಯಕ ಜಗಜಿತ್ ಸಿಂಗ್ ದಲ್ಲೆವಾಲ ಅವರ ಹೋರಾಟ ನಿರ್ಲಕ್ಷಿಸುತ್ತಿರುವ ಕೇಂದ್ರ ಸರ್ಕಾರದ ರೈತ ವಿರೋಧಿ ಧೋರಣೆ ಖಂಡಿಸಿ ರಾಜ್ಯಾದ್ಯಂತ ಜಿಲ್ಲಾ, ತಾಲೂಕು ಕೇಂದ್ರಗಳಲ್ಲಿ ಜನವರಿ 13ರಂದು ಪ್ರಧಾನ ಮಂತ್ರಿ, ಕೇಂದ್ರ ಕೃಷಿ ಮಂತ್ರಿಯ ಪ್ರತಿಕೃತಿ ದಹನ ಚಳವಳಿ ನಡೆಸಲಾಗುವುದು ಎಂದು ರಾಜ್ಯ ರೈತ ಸಂಘಟನೆಗಳ ಒಕ್ಕೂಟದ ರಾಜ್ಯಾಧ್ಯಕ್ಷ ಕುರುಬೂರು ಶಾಂತಕುಮಾರ್ ತಿಳಿಸಿದರು. ನಗರದಲ್ಲಿ ಸುದ್ದಿಗೋಷ್ಠಿ ನಡೆಸಿ ಮಾತನಾಡಿದ ಅವರು, ದೆಹಲಿ ಗಡಿ ಕನೌರಿಯಲ್ಲಿ ಜಗಜಿತ್ ಸಿಂಗ್ ದಲ್ಲೆವಾಲ 45 ದಿನಗಳಿಂದ ಉಪವಾಸ ಸತ್ಯಾಗ್ರಹ ನಡೆಸುತ್ತಿದ್ದರೂ, ಕೇಂದ್ರ ಸರ್ಕಾರ ನಿರ್ಲಕ್ಷ್ಯ ಧೋರಣೆ ಅನುಸರಿಸುತ್ತಿದೆ. ಇದನ್ನು ಖಂಡಿಸಿ ರಾಜ್ಯಾದ್ಯಂತ ರೈತ ಸಂಘಟನೆಗಳಿಂದ ಪ್ರಧಾನಿ ಮೋದಿ ಹಾಗೂ ಕೃಷಿ ಮಂತ್ರಿ ಪ್ರತಿಕೃತಿ ದಹನ ಚಳವಳಿ ನಡೆಸಲಾಗುವುದು ಎಂದರು.

ಜ.14ರಿಂದ 16ರವರೆಗೆ ಹಬ್ಬ ಹಳ್ಳಿಗಳಲ್ಲಿ ಜಿಲ್ಲಾ ಹಾಗೂ ತಾಲೂಕು ಮಟ್ಟದಲ್ಲಿ ಪಂಜಿನ ಪ್ರತಿಭಟನೆ ಮೂಲಕ ಪ್ರಧಾನಿ ಪ್ರತಿಕೃತಿ ಸುಡಲಾಗುವುದು. ಜ.26ರಂದು ಕೇಂದ್ರ ಸರ್ಕಾರಕ್ಕೆ ಬಿಸಿ ಮುಟ್ಟಿಸಲು ಎಂಎಸ್ಪಿ ಗ್ಯಾರಂಟಿ ಕಾನೂನು ಜಾರಿ, ರೈತರ ಸಂಪೂರ್ಣ ಸಾಲಮನ್ನಾ, ಎಂ.ಎಸ್.ಸ್ವಾಮಿನಾಥನ್ ವರದಿ ಜಾರಿಗೆ ಆಗ್ರಹಿಸಿ ತಾಲೂಕು, ಜಿಲ್ಲಾ ಗ್ರಾಮೀಣ ಕೇಂದ್ರಗಳಲ್ಲಿ ಟ್ರ್ಯಾಕ್ಟರ್ ಮೆರವಣಿಗೆ ನಡೆಸಲಾಗುವುದು ಎಂದು ತಿಳಿಸಿದರು. ಈ ಬಗ್ಗೆ ಕೇಂದ್ರ ಸರ್ಕಾರಕ್ಕೆ ಗಂಭೀರ ಎಚ್ಚರಿಕೆ ನೀಡಬೇಕು. ದೇಶದ ರೈತರ ಶಕ್ತಿ

ತೋರಿಸಬೇಕು. ದೇಶದ ರೈತರ ಒಳಿತಿಗಾಗಿ ಉಪವಾಸ ಸತ್ಯಾಗ್ರಹದ ಮೂಲಕ ತಮ್ಮ ಪ್ರಾಣ ತ್ಯಾಗ ಮಾಡುತ್ತಿರುವ ದಲ್ಲೆವಾಲ ಬೆಂಬಲಕ್ಕೆ ನಾವೆಲ್ಲ ರೈತರಾಗಿ ನಿಲ್ಲಬೇಕು ಎಂದು ರೈತರಲ್ಲಿ ಮನವಿ ಮಾಡಲಾಗುವುದು. ಕೃಷಿ ಉತ್ಪನ್ನಗಳಿಗೆ ಎಂಎಸ್ಪಿ ಗ್ಯಾರಂಟಿ ಕಾನೂನು ಜಾರಿ ತರದೇ ಇರುವುದು, ಸ್ವಾಮಿನಾಥನ್ ವರದಿ ಜಾರಿಗೆ ಆಗ್ರಹಿಸಿ ಈ ಹೋರಾಟ ನಡೆಸುತ್ತಿದ್ದಾರೆ. ಕಳೆದ ವರ್ಷ ಕೇಂದ್ರ ಸರ್ಕಾರ ಎಂಎಸ್ಪಿ ಖಾತ್ರಿ ಕಾನೂನು ಜಾರಿ ಭರವಸೆ ನೀಡಿತ್ತು. ಆದರೆ ಈವರೆಗೂ ಈಡೇರಿಸಿಲ್ಲ. ಮೇ 31ಕ್ಕೆ ಒಂದು ವರ್ಷವಾದರೂ ಭರವಸೆ ಈಡೇರಿಲ್ಲ ಎಂದು ಅವರು ಆರೋಪಿಸಿದರು.

ಸರ್ವೋಚ್ಚ ನ್ಯಾಯಾಲಯ ನೇಮಿಸಿದ ಉಚ್ಚ ನ್ಯಾಯಾಲಯದ ನ್ಯಾಯಾಧೀಶ ನವಾಬ್ಸಿಂಗ್ ಸಮಿತಿ ನ.22ರಂದು ಸರ್ವೋಚ್ಚ ನ್ಯಾಯಾಲಯಕ್ಕೆ ವರದಿ ಸಲ್ಲಿಸಿ ಕೃಷಿ ಉತ್ಪನ್ನಗಳಿಗೆ ಎಂಎಸ್ಪಿ ಖಾತ್ರಿ ಕಾನೂನು ಜಾರಿ ಮಾಡುವುದು ಅವಶ್ಯಕ ಎಂದು ವರದಿ ಸಲ್ಲಿಸಿದೆ. ಗುಜರಾತ್ ಮುಖ್ಯಮಂತ್ರಿಯಾಗಿದ್ದ ನರೇಂದ್ರ ಮೋದಿ ಅಧ್ಯಕ್ಷತೆಯ ಸಮಿತಿ 2011ರಲ್ಲಿ ಎಂಎಸ್ಪಿ ಗ್ಯಾರಂಟಿ ಕಾನೂನು ರೈತರಿಗೆ ಅತ್ಯವಶ್ಯಕ ಎಂದು ವರದಿ ನೀಡಿದ್ದಾರೆ ಆದರೂ ಕೇಂದ್ರ ಸರ್ಕಾರ ನಿರ್ಲಕ್ಷ್ಯ ಮಾಡುತ್ತಿರುವುದು ರೈತ ವಿರೋಧಿ ಧೋರಣೆಯಾಗಿದೆ ಎಂದು ಕಿಡಿ ಕಾರಿದರು.

ಶ್ರೀರಂಗಪಟ್ಟಣ–ಅರಸೀಕೆರೆ ರಾಜ್ಯ ಹೆದ್ದಾರಿ
ರಾಷ್ಟ್ರೀಯ ಹೆದ್ದಾರಿಯಾಗಿ ಅಭಿವೃದ್ಧಿ: ಹೆಚ್‌ಡಿಕೆ

ನವದೆಹಲಿ: ಐತಿಹಾಸಿಕ ಪ್ರವಾಸಿ ತಾಣ ಶ್ರೀರಂಗಪಟ್ಟಣ - ಅರಸೀಕೆರೆ ನಡುವಿನ ರಾಜ್ಯ ಹೆದ್ದಾರಿ 7 ಅನ್ನು ರಾಷ್ಟ್ರೀಯ ಹೆದ್ದಾರಿಯನ್ನಾಗಿ ಮೇಲ್ದರ್ಜೆಗೇರಿಸುವ ಯೋಜನೆಗೆ ಕೇಂದ್ರ ಭಾರಿ ಕೈಗಾರಿಕೆ ಮತ್ತು ಉಕ್ಕು ಖಾತೆ ಸಚಿವ ಹೆಚ್.ಡಿ.ಕುಮಾರಸ್ವಾಮಿ ಅವರು ಈ ಯೋಜನೆಯ ಬಗ್ಗೆ ಕೇಂದ್ರ ಹೆದ್ದಾರಿ ಸಚಿವ ನಿತಿನ್ ಗಡ್ಕರಿ ಅವರ ಜತೆ ಚರ್ಚಿಸಿದರು.

ಕೆ.ಆರ್.ಪೇಟೆ ಶಾಸಕ ಹೆಚ್.ಟಿ.ಮಂಜುನಾಥ್ ಅವರ ಮನವಿ ಮೇರೆಗೆ ಗಡ್ಕರಿ ಅವರನ್ನು ನವದೆಹಲಿಯಲ್ಲಿ ಭೇಟಿಯಾಗಿದ್ದ ಸಚಿವರು ಈ ಬಗ್ಗೆ ಮನವಿ ಸಲ್ಲಿಸಿದರು. ಶ್ರೀರಂಗಪಟ್ಟಣ - ಕೆ.ಆರ್.ಪೇಟೆ - ಚನ್ನರಾಯಪಟ್ಟಣ - ಅರಸೀಕೆರೆ ನಡುವಿನ ರಾಜ್ಯ ಹೆದ್ದಾರಿಯನ್ನು ರಾಷ್ಟ್ರೀಯ ಹೆದ್ದಾರಿಯನ್ನಾಗಿ ಮೇಲ್ದರ್ಜೆಗೆ ಏರಿಸಬೇಕು ಎಂದು ಕುಮಾರಸ್ವಾಮಿ ಅವರು ಕೋರಿದರು.

ಈ ರಸ್ತೆಯು ತಾಲೂಕು ಕೇಂದ್ರಗಳಿಂದ ನಗರಗಳಿಗೆ ಸಂಪರ್ಕಿಸುವ ಪ್ರಮುಖ ಕೊಂಡಿಯಾಗಿದ್ದು, ಆರ್ಥಿಕವಾಗಿ ದೊಡ್ಡ ಕೊಡುಗೆಯನ್ನು

ನೀಡಲಿದೆ. ಮುಖ್ಯವಾಗಿ ಈ ಭಾಗದಲ್ಲಿ ಪ್ರವಾಸೋದ್ಯಮ, ಕೃಷಿ, ಕೈಗಾರಿಕೆ ಕ್ಷೇತ್ರಗಳಿಗೆ ಹೆಚ್ಚು ಅನುಕೂಲ ಆಗಲಿದೆ ಎಂದು ಕೇಂದ್ರ ಸಚಿವರು ನಿತಿನ್ ಗಡ್ಕರಿ ಅವರಿಗೆ ಮನವರಿಕೆ ಮಾಡಿಕೊಟ್ಟರು. ಅಲ್ಲದೆ, ಕೃಷಿ ಉತ್ಪನ್ನಗಳ ಸಾಗಾಟ, ತರಕಾರಿ ಮಾರುಕಟ್ಟೆಗಳಿಗೆ ಸಂಪರ್ಕ ಕಲ್ಪಿಸಲು ಈ ರಸ್ತೆ ನೆರವಾಗಲಿದೆ. ಮೈಸೂರು, ಮಂಡ್ಯ, ಹಾಸನ ಜಿಲ್ಲೆಗಳ ಜನತೆಗೆ ಬೆಂಗಳೂರು, ಶಿವಮೊಗ್ಗ, ಚಿಕ್ಕಮಗಳೂರು ಕಡೆ ಸಂಪರ್ಕಿಸಲು ಹತ್ತಿರದ ಮಾರ್ಗವಾಗಲಿದೆ. ಜೊತೆಗೆ ಶ್ರವಣಬೆಳಗೊಳ, ಮೇಲುಕೋಟೆ, ಹಳೇಬೀಡು, ಬೇಲೂರು ಸೇರಿದಂತೆ ಹಲವಾರು ಪ್ರವಾಸಿ ತಾಣಗಳನ್ನು ತಲುಪಲು ಈ ರಸ್ತೆ ಅನುಕೂಲವಾಗಲಿದೆ ಎಂದು ಸಚಿವರು ಹೇಳಿದರು.

ಈ ರಾಜ್ಯ ಹೆದ್ದಾರಿಯನ್ನು ರಾಷ್ಟ್ರೀಯ ಹೆದ್ದಾರಿಯನ್ನಾಗಿ ಮಾಡಿದರೆ ಮೈಸೂರು, ಮಂಡ್ಯ, ಹಾಸನ ಜಿಲ್ಲೆಯ ಜನರಿಗೆ ಹೆಚ್ಚು ಅನುಕೂಲವಾಗಲಿದೆ. ಈ ಬಗ್ಗೆ ಕುಮಾರಸ್ವಾಮಿ ಅವರ ಮನವಿ ಸ್ವೀಕರಿಸಿದ್ದು, ಅವರು ನಿತಿನ್ ಗಡ್ಕರಿ ಅವರನ್ನು ಭೇಟಿಯಾಗಿ ಒಪ್ಪಿಗೆ ನೀಡಿದ್ದರು.

ಇನ್ನೂ ಗಣಿಗಾರಿಕೆ ಮೇಲೆ ಕರ್ನಾಟಕ ಸರಕಾರ ಹಲವು ಪಟ್ಟು ಹೆಚ್ಚುವರಿ ತೆರಿಗೆ ವಿಧಿಸುತ್ತಿರುವ ಹಿನ್ನೆಲೆಯಲ್ಲಿ ಗಣಿ ಮತ್ತು ಉಕ್ಕು ವಲಯಗಳ ಮೇಲೆ ಬೀರಬಹುದಾದ ಪ್ರತಿಕೂಲ ಪರಿಣಾಮಗಳ ಬಗ್ಗೆ ಕೇಂದ್ರದ ಉಕ್ಕು ಸಚಿವರಾದ ಹೆಚ್.ಡಿ.ಕುಮಾರಸ್ವಾಮಿ ಅವರು ಕೇಂದ್ರದ ಕಾನೂನು ಸಚಿವ ಅರ್ಜುನ್ ರಾಮ್ ಮೇಘವಾಲ್ ಅವರೊಂದಿಗೆ ಚರ್ಚೆ ನಡೆಸಿದರು.

ಗಣಿ ಸಚಿವಾಲಯ ಅಧಿಕಾರಿಗಳು ಜತೆ ಹಾಜರಿದ್ದು ಕೇಂದ್ರ ಗಣಿ ಸಚಿವಾಲಯದ ಕಾರ್ಯದರ್ಶಿ ಸಂದೀಪ್ ಪೌಂಡ್ರಿಕ್, ರಾಷ್ಟ್ರೀಯ ಖನಿಜಾಭಿವೃದ್ಧಿ ನಿಗಮದ ಅಧ್ಯಕ್ಷ ಅಮಿತವ್ ಮುಖರ್ಜಿ, ಕಾನೂನು ಸಚಿವಾಲಯದ ಅಧಿಕಾರಿಗಳು ಹಾಗೂ ಕೆಲವು ಗಣಿ ಕಂಪನಿಗಳ ಉನ್ನತಮಟ್ಟದ ಅಧಿಕಾರಿಗಳು ಸಭೆಯಲ್ಲಿ ಪಾಲ್ಗೊಂಡಿದ್ದರು.

ರಾಜ್ಯ ಸರ್ಕಾರ ಹೆಚ್ಚುವರಿ ತೆರಿಗೆ ವಿಧಿಸುತ್ತಿರುವ ಪರಿಣಾಮ ಗಣಿ ಮತ್ತು ಉಕ್ಕು ವಲಯದ ಮೇಲೆ ನಕಾರಾತ್ಮಕ ಪರಿಣಾಮ ಬೀರುತ್ತಿರುವ ಬಗ್ಗೆ ಸಭೆಯಲ್ಲಿ ಚರ್ಚೆ ನಡೆಸಲಾಯಿತು. ಒಟ್ಟಾರೆ ಸಾಧಕ ಬಾಧಕಗಳ ಬಗ್ಗೆ ಸಚಿವ ಮೇಘವಾಲ್ ಅವರೊಂದಿಗೆ ಮಾಹಿತಿ ಹಂಚಿಕೊಂಡರು. ಸಭೆಯಲ್ಲಿ ಮಾತನಾಡಿದ ಕೇಂದ್ರ ಉಕ್ಕು ಸಚಿವ ಹೆಚ್.ಡಿ.ಕುಮಾರಸ್ವಾಮಿ ಅವರು, ಕೇಂದ್ರದ ಉಕ್ಕು ಸಚಿವಾಲಯವು ಉಕ್ಕು ಹಾಗೂ ಮತ್ತಷ್ಟು ಅಂಶಗಳ ಬಗ್ಗೆ ಅಧ್ಯಯನ ಹಂಚಿಕೊಂಡಿದೆ. 2047ಕ್ಕೆ ಪ್ರಧಾನಿ ನರೇಂದ್ರ ಮೋದಿ ಅವರು ವಿಕಸಿತ ಭಾರತ ಸಂಕಲ್ಪ ಮಾಡಿದ್ದಾರೆ. ಉಕ್ಕಿನ ಉತ್ಪಾದನೆ ಬೃಹತ್ ಆರ್ಥಿಕ ಶಕ್ತಿಯಾಗಿ ಭಾರತ ಹೊರಹೊಮ್ಮುವ ಬಗ್ಗೆ ಪ್ರಧಾನಿಗಳು ನಿರ್ಣಾಯಕ ಹೆಜ್ಜೆಗಳನ್ನು ಇಡುತ್ತಿದ್ದಾರೆ. ಮುಖ್ಯವಾಗಿ 2030ರ ವೇಳೆಗೆ ಭಾರತವು ವಾರ್ಷಿಕ 300 ದಶಲಕ್ಷ ಟನ್ ಉಕ್ಕು ಉತ್ಪಾದನೆ ಮಾಡಬೇಕೆಂಬ ಗುರಿಯನ್ನು ಇರಿಸಿಕೊಳ್ಳಲಾಗಿದೆ. ಇದಕ್ಕೆ ಪೂರಕವಾಗಿ ಗಣಿಗಾರಿಕೆ ಇರಬೇಕು ಎಂದರು. ಇದಲ್ಲದೆ ಗಣಿ ಮತ್ತು ಉಕ್ಕು ಕ್ಷೇತ್ರದಲ್ಲಿರುವ ಅತಿಕತೆಗಳನ್ನು ನಿವಾರಣೆ ಮಾಡುವುದಕ್ಕೆ ನಾವು ಆದ್ಯತೆ ಕೊಡುತ್ತೇವೆ ಎಂದು ಸಚಿವ ಹೆಚ್.ಡಿ.ಕುಮಾರಸ್ವಾಮಿ ಹೇಳಿದರು.
